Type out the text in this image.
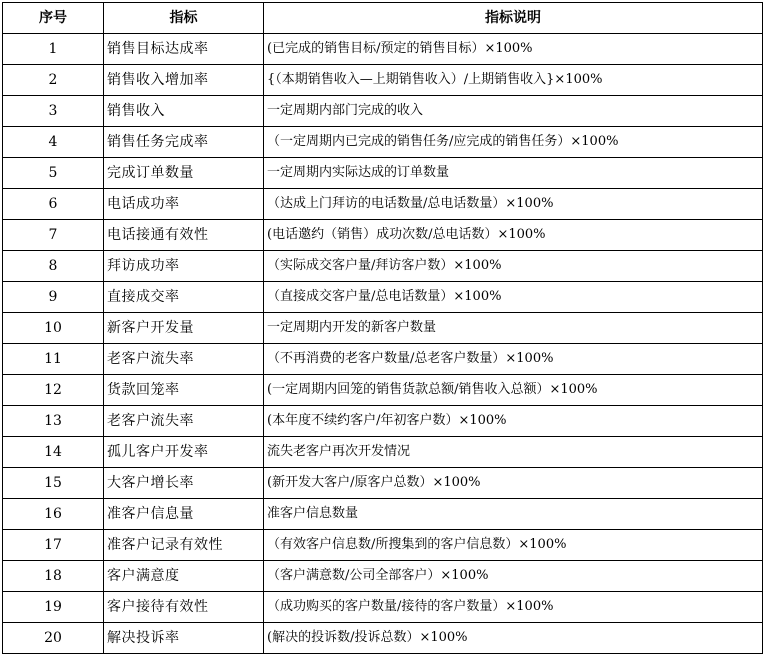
序号	指标	指标说明
1	销售目标达成率	(已完成的销售目标/预定的销售目标）×100%
2	销售收入增加率	{（本期销售收入—上期销售收入）/上期销售收入}×100%
3	销售收入	一定周期内部门完成的收入
4	销售任务完成率	（一定周期内已完成的销售任务/应完成的销售任务）×100%
5	完成订单数量	一定周期内实际达成的订单数量
6	电话成功率	（达成上门拜访的电话数量/总电话数量）×100%
7	电话接通有效性	(电话邀约（销售）成功次数/总电话数）×100%
8	拜访成功率	（实际成交客户量/拜访客户数）×100%
9	直接成交率	（直接成交客户量/总电话数量）×100%
10	新客户开发量	一定周期内开发的新客户数量
11	老客户流失率	（不再消费的老客户数量/总老客户数量）×100%
12	货款回笼率	(一定周期内回笼的销售货款总额/销售收入总额）×100%
13	老客户流失率	(本年度不续约客户/年初客户数）×100%
14	孤儿客户开发率	流失老客户再次开发情况
15	大客户增长率	(新开发大客户/原客户总数）×100%
16	准客户信息量	准客户信息数量
17	准客户记录有效性	（有效客户信息数/所搜集到的客户信息数）×100%
18	客户满意度	（客户满意数/公司全部客户）×100%
19	客户接待有效性	（成功购买的客户数量/接待的客户数量）×100%
20	解决投诉率	(解决的投诉数/投诉总数）×100%
